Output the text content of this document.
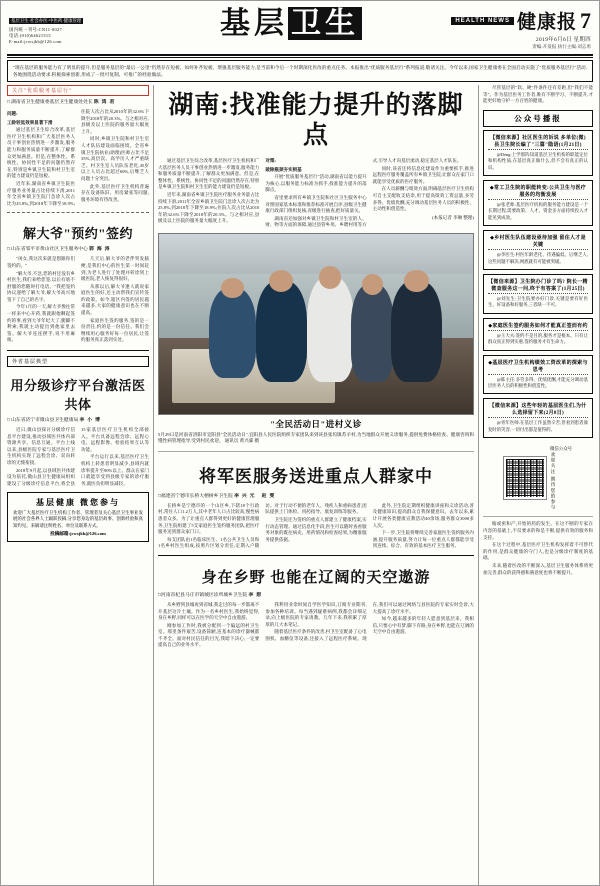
基层卫生·社会办医·中医药·健康管理
国内统一刊号:CN11-0027
电话:(010)64621515
E-mail:jcwsjkb@126.com
基层 卫生	HEALTH NEWS 健康报 7
2019年6月6日 星期四
责编:开发报 执行主编:刘志勇
"现在基层的服务能力有了明显的提升,但是服务基层的"最后一公里"仍然存在短板。如何补齐短板、增强基层服务能力,是当前和今后一个时期深化医改的重点任务。本报推出"优质服务基层行"系列报道,敬请关注。今年以来,国家卫生健康委在全国启动实施了"优质服务基层行"活动,各地围绕活动要求,积极探索创新,形成了一批可复制、可推广的经验做法。
关注"优质服务基层行"
□ 湖南省卫生健康委基层卫生健康处处长 陈鸿君

问题:

工龄较低效果显著下滑

通过基层卫生综合改革,基层医疗卫生机构和广大基层医务人员干事创业热情进一步激发,服务能力和服务质量不断提升,了解群众更加满意。但是,在整体性、系统性、协同性不足的问题仍然存在,特别是乡镇卫生院和村卫生室的能力建设仍是短板。

近年来,湖南省乡镇卫生院医疗服务业务量占比持续下滑,2011年全省乡镇卫生院门急诊人次占比为25.8%,到2018年下降至18.9%;住院人次占比从2010年的32.6%下降至2018年的20.3%。与之相对应,县级及以上医院的服务量大幅度上升。

同时,乡镇卫生院和村卫生室人才队伍建设面临困境。全省乡镇卫生院执业(助理)医师占比不足35%,高层次、高学历人才严重缺乏。村卫生室人员队伍老化,45岁以上人员占比超过60%,后继乏人问题十分突出。

此外,基层医疗卫生机构普遍存在设备陈旧、用房紧张等问题,服务环境有待改善。

解大爷"预约"签约
□ 山东省邹平市黄山社区卫生服务中心 郭海涛

"闺女,我这次来就是想跟你们签约的。"

"解大爷,不急,您的村还没有乡村医生,我们来给您签,以后有啥不舒服的您随时打电话。"我把签约协议递给了解大爷,解大爷高兴地签下了自己的名字。

今年1月的一天,解大爷像往常一样来中心开药,我就跟他聊起签约的事,看到大爷年纪大了,腿脚不利索,我就主动提出到他家里去签。解大爷连连摆手,说不用麻烦。

几天后,解大爷的老伴突发脑梗,是我们中心的医生第一时间赶到,为老人进行了处理并转诊到上级医院,老人恢复得很好。

从那以后,解大爷逢人就说家庭医生的好,还主动帮我们宣传签约政策。如今,辖区内签约居民越来越多,大家的健康意识也在不断提高。

家庭医生签约服务,签的是一份责任,约的是一份信任。我们会继续用心服务好每一位居民,让签约服务真正落到实处。

外省基层典型
用分级诊疗平台激活医共体
□ 山东省济宁市微山县卫生健康局 李小博

近日,微山县探讨分级诊疗信息平台建设,推动县域医共体内部资源共享、信息互通。平台上线以来,县级医院专家与基层医疗卫生机构实现了远程会诊、双向转诊的无缝衔接。

2018年9月起,以县域医共体建设为依托,微山县卫生健康局组织建设了分级诊疗信息平台,将全县15家基层医疗卫生机构全部接入。平台具备远程会诊、远程心电、远程影像、检验结果互认等功能。

平台运行以来,基层医疗卫生机构上转患者明显减少,县域内就诊率提升至90%以上。群众在家门口就能享受到县级专家的诊疗服务,就医负担明显减轻。

基层健康 微您参与
欢迎广大基层医疗卫生机构工作者、管理者及关心基层卫生事业发展的社会各界人士踊跃投稿,分享您身边的基层故事、创新经验和真知灼见。来稿请注明姓名、单位及联系方式。
投稿邮箱:jcwsjkb@126.com
湖南:找准能力提升的落脚点

通过基层卫生综合改革,基层医疗卫生机构和广大基层医务人员干事创业热情进一步激发,服务能力和服务质量不断提升,了解群众更加满意。但是,在整体性、系统性、协同性不足的问题仍然存在,特别是乡镇卫生院和村卫生室的能力建设仍是短板。

近年来,湖南省乡镇卫生院医疗服务业务量占比持续下滑,2011年全省乡镇卫生院门急诊人次占比为25.8%,到2018年下降至18.9%;住院人次占比从2010年的32.6%下降至2018年的20.3%。与之相对应,县级及以上医院的服务量大幅度上升。

对策:

破除瓶颈夯实根基

开展"优质服务基层行"活动,湖南省以能力提升为核心,以服务能力标准为抓手,找准能力提升的落脚点。

省里要求所有乡镇卫生院和社区卫生服务中心对照国家基本标准和推荐标准开展自评,县级卫生健康行政部门组织复核,省级进行抽查,把好质量关。

湖南省还加强对乡镇卫生院和村卫生室的人、财、物等方面的保障,通过县管乡用、乡聘村用等方式,引导人才向基层流动,稳定基层人才队伍。

同时,该省还将信息化建设作为重要抓手,推进远程医疗服务覆盖所有乡镇卫生院,让群众在家门口就能享受优质的医疗服务。

在人员薪酬与绩效方面,明确基层医疗卫生机构可自主支配收支结余,用于提高绩效工资总量,多劳多得、优绩优酬,充分调动基层医务人员的积极性、主动性和创造性。

(本报记者 李琳 整理)
"全民活动日"进村义诊
5月29日是河南省洛阳市宜阳县"全民活动日",宜阳县人民医院组织专家团队来到该县张坞镇苏羊村,为当地群众开展义诊服务,提供免费体格检查、健康咨询和慢性病管理指导,受到村民欢迎。 通讯员 黄兴霖 摄
将军医服务送进重点人群家中
□福建省宁德市长桥大榕树乡卫生院 李兴元 赵雯

长桥乡是宁德市的一个山区乡,下辖18个行政村,常住人口1.2万人,其中老年人口占比较高,慢性病患者众多。为了让重点人群得到更好的健康管理服务,卫生院组建了5支家庭医生签约服务团队,把医疗服务送到群众家门口。

每支团队由1名临床医生、1名公共卫生人员和1名乡村医生组成,按照片区划分责任,定期入户随访。对于行动不便的老年人、残疾人和重病患者,团队提供上门体检、用药指导、康复训练等服务。

卫生院还为签约的重点人群建立了健康档案,实行动态管理。通过信息化手段,医生可以随时查看服务对象的既往病史、用药情况和检查结果,为精准服务提供依据。

此外,卫生院定期组织健康讲座和义诊活动,普及健康知识,提高群众自我保健意识。去年以来,累计开展各类健康宣教活动40余场,服务群众3000多人次。

下一步,卫生院将继续完善家庭医生签约服务内涵,提升服务质量,努力让每一位重点人群都能享受到连续、综合、有效的基本医疗卫生服务。

身在乡野 也能在辽阔的天空遨游
□河南省杞县马庄市镇城区诊所城乡卫生院 李想

从乡野到县城再到省城,我走过的每一步都离不开基层这片土壤。作为一名乡村医生,我始终觉得,身在乡野,同样可以在医学的天空中自由遨游。

刚参加工作时,我被分配到一个偏远的村卫生室。那里条件艰苦,设备简陋,连基本的诊疗器械都不齐全。面对村民信任的目光,我暗下决心,一定要提高自己的业务水平。

我利用业余时间自学医学知识,订阅专业期刊,参加各种培训。每当遇到疑难病例,我都会详细记录,向上级医院的专家请教。几年下来,我积累了厚厚的几大本笔记。

随着基层医疗条件的改善,村卫生室配备了心电图机、血糖仪等设备,还接入了远程医疗系统。现在,我们可以通过网络与县医院的专家实时会诊,大大提高了诊疗水平。

如今,越来越多的年轻人愿意到基层来。我相信,只要心中有梦,脚下有路,身在乡野,也能在辽阔的天空中自由遨游。

尽管基层的"软、硬"件条件还有差距,但"我们不能等"。作为基层医务工作者,唯有不断学习、不断提升,才能更好地守护一方百姓的健康。

公众号播报
【微信来源】社区医生的诉说 多单位(微)县卫生院长编了"三篇"隐语(1月21日)

@Deng:上学那阵知道基层卫生机构的职能定位和机构性质,在基层真正做什么,但不会有真正的认识。

◆常工卫生院的职能转变:公共卫生与医疗服务的均衡发展

@张老师:基层医疗机构的服务能力建设是一个长期过程,需要政策、人才、资金多方面持续投入才能见到成效。

◆乡村医生队伍建设亟待加强 留住人才是关键

@李医生:村医年龄老化、待遇偏低、后继乏人,这些问题不解决,网底就有可能被突破。

【微信来源】卫生院办门诊了吗? 院长一精微查服务这一问,终于有答案了(1月25日)

@刘先生:卫生院要办好门诊,关键是要有好医生、好设备和好服务,三者缺一不可。

◆家庭医生签约服务如何才能真正签而有约

@王大夫:签约不是目的,服务才是根本。只有让群众真正得到实惠,签约服务才有生命力。

◆基层医疗卫生机构绩效工资改革的探索与思考

@陈主任:多劳多得、优绩优酬,才能充分调动基层医务人员的积极性和创造性。

【微信来源】这些年轻的基层医生们,为什么选择留下来(2月8日)

@青年医师:在基层工作虽然辛苦,但看到患者康复时的笑容,一切付出都是值得的。

微信公众号
欢迎关注 期待您的参与

缩或密和产,开始的药的发生。在这不断的专家在内容的基础上,不仅要求的和是不断,提供有效的服务和支持。

在这个过程中,基层医疗卫生机构发挥着不可替代的作用,是群众健康的守门人,也是分级诊疗制度的基础。

未来,随着医改的不断深入,基层卫生服务体系将更加完善,群众的获得感和满意度也将不断提升。
